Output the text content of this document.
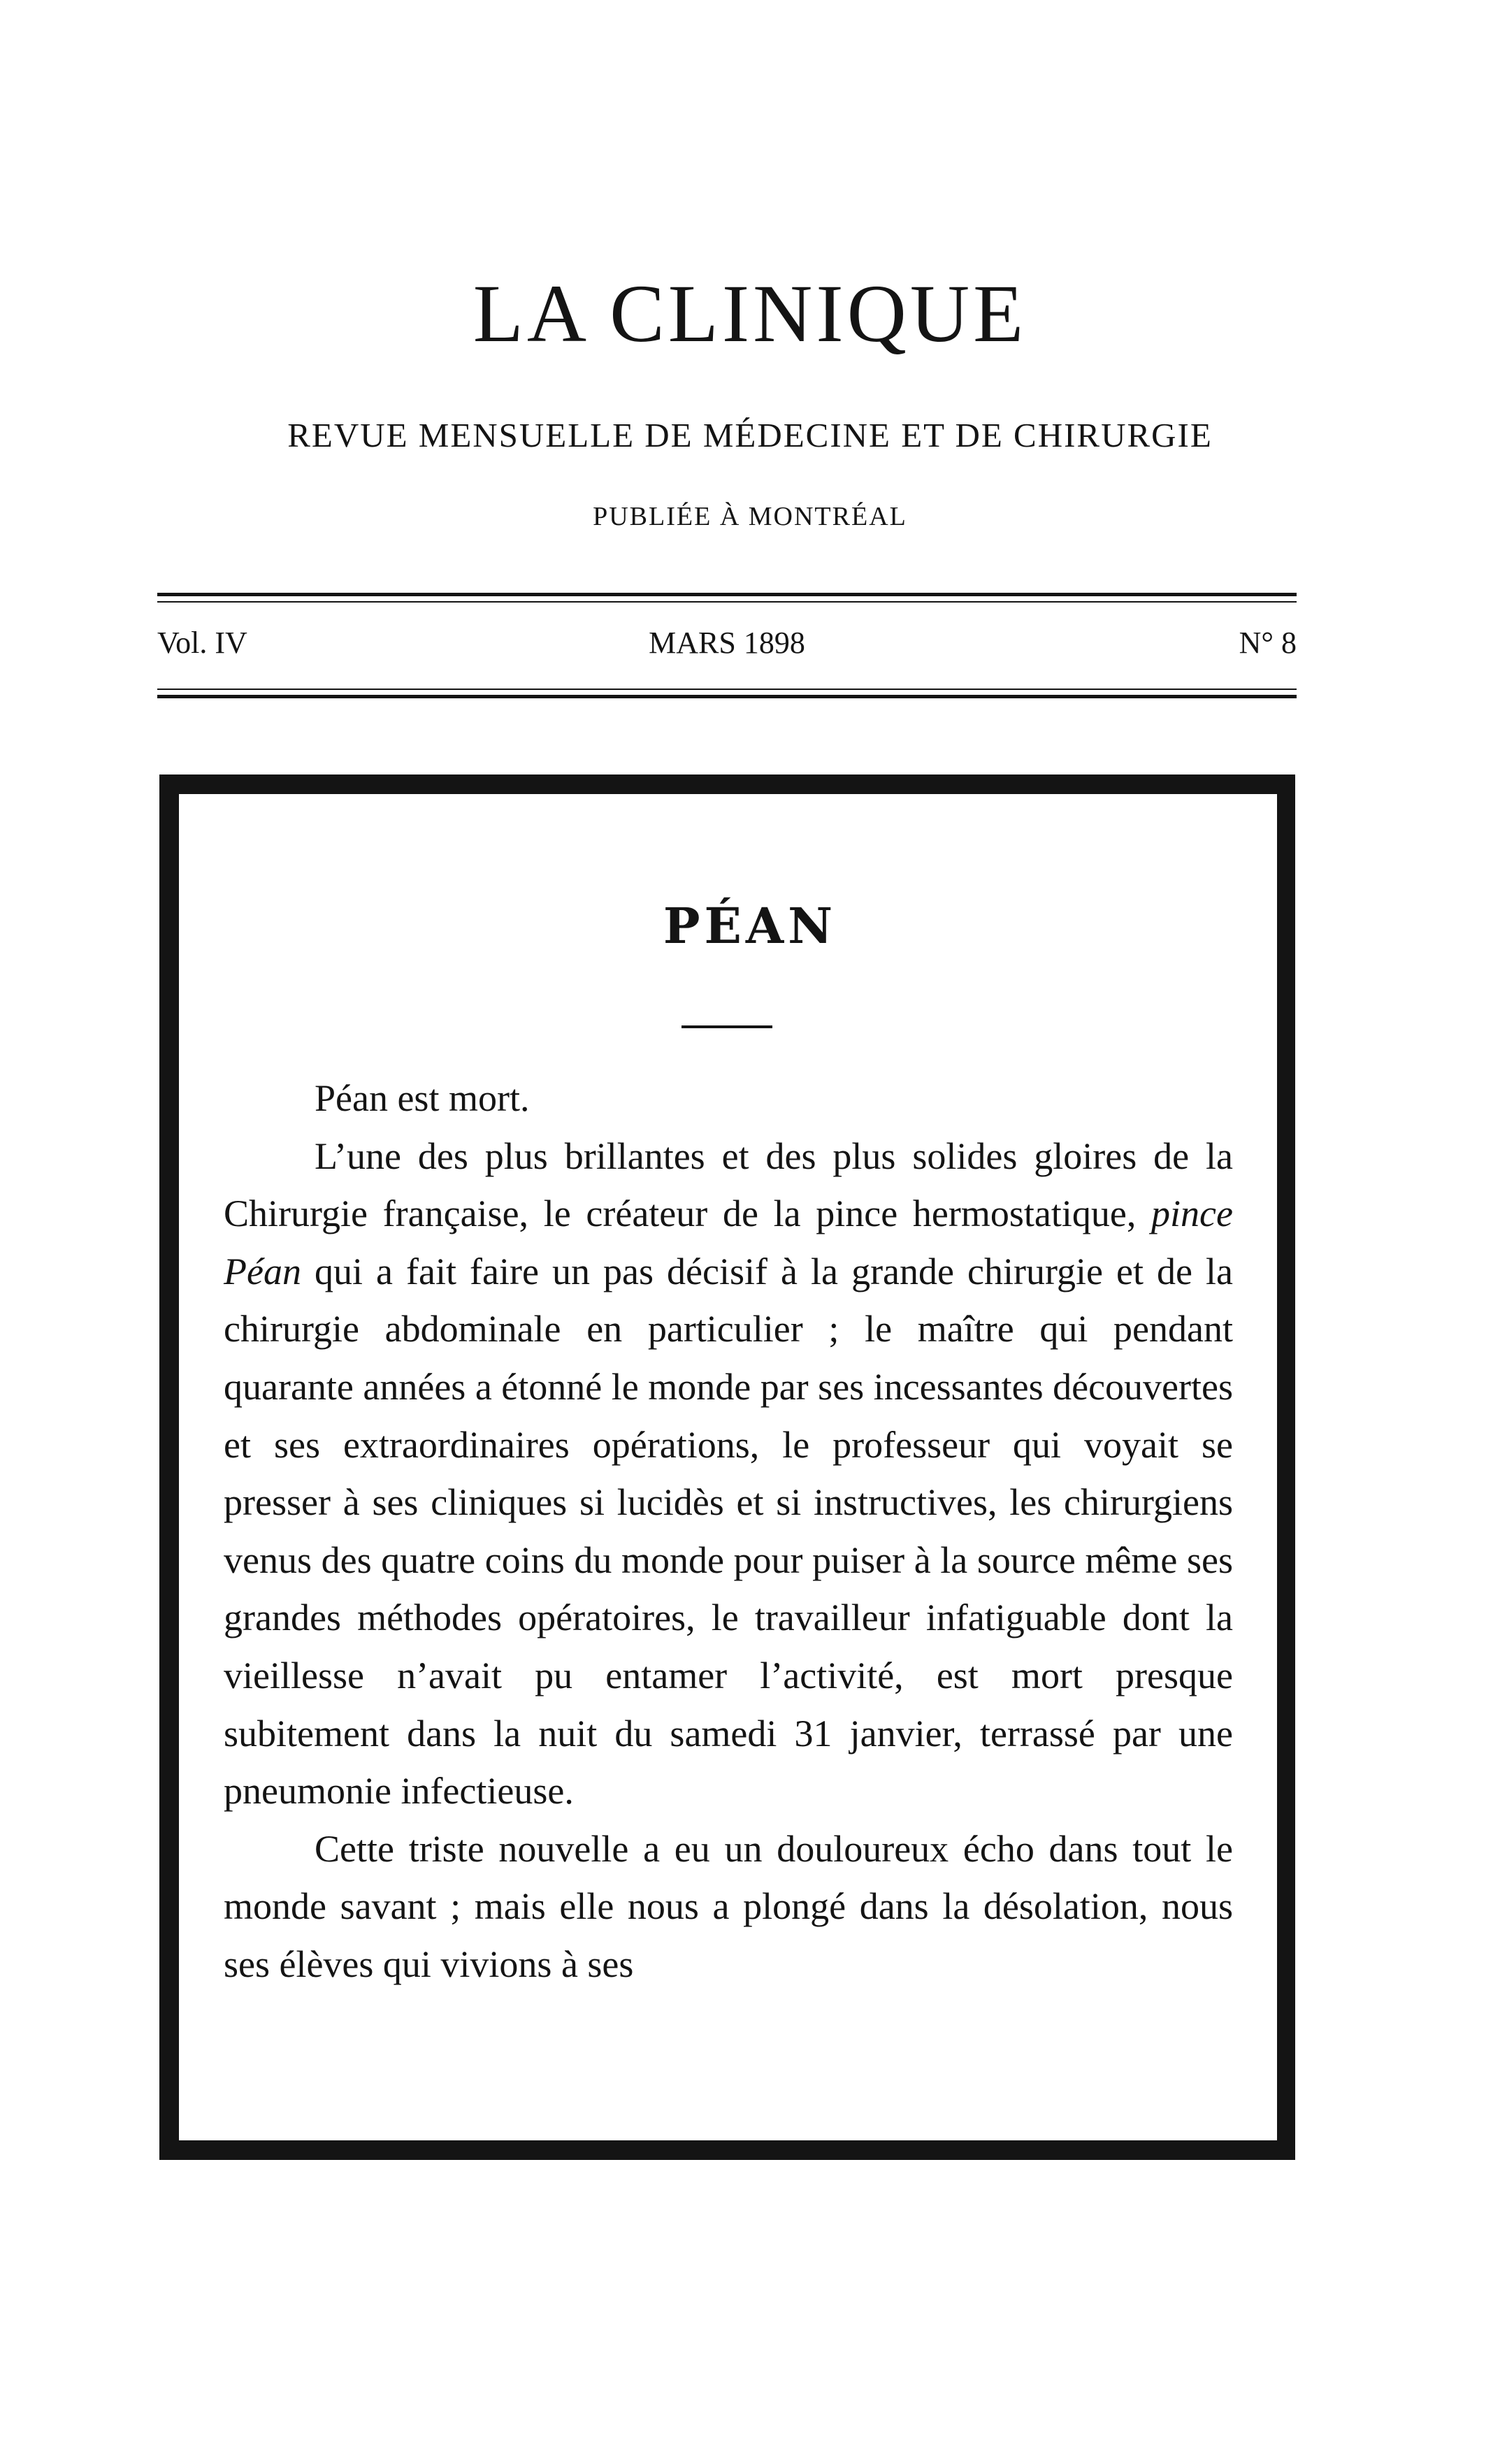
LA CLINIQUE
REVUE MENSUELLE DE MÉDECINE ET DE CHIRURGIE
PUBLIÉE À MONTRÉAL
Vol. IV	MARS 1898	N° 8
PÉAN

Péan est mort.

L’une des plus brillantes et des plus solides gloires de la Chirurgie française, le créateur de la pince hermostatique, pince Péan qui a fait faire un pas décisif à la grande chirurgie et de la chirurgie abdominale en particulier ; le maître qui pendant quarante années a étonné le monde par ses incessantes découvertes et ses extraordinaires opérations, le professeur qui voyait se presser à ses cliniques si lucidès et si instructives, les chirurgiens venus des quatre coins du monde pour puiser à la source même ses grandes méthodes opératoires, le travailleur infatiguable dont la vieillesse n’avait pu entamer l’activité, est mort presque subitement dans la nuit du samedi 31 janvier, terrassé par une pneumonie infectieuse.

Cette triste nouvelle a eu un douloureux écho dans tout le monde savant ; mais elle nous a plongé dans la désolation, nous ses élèves qui vivions à ses
